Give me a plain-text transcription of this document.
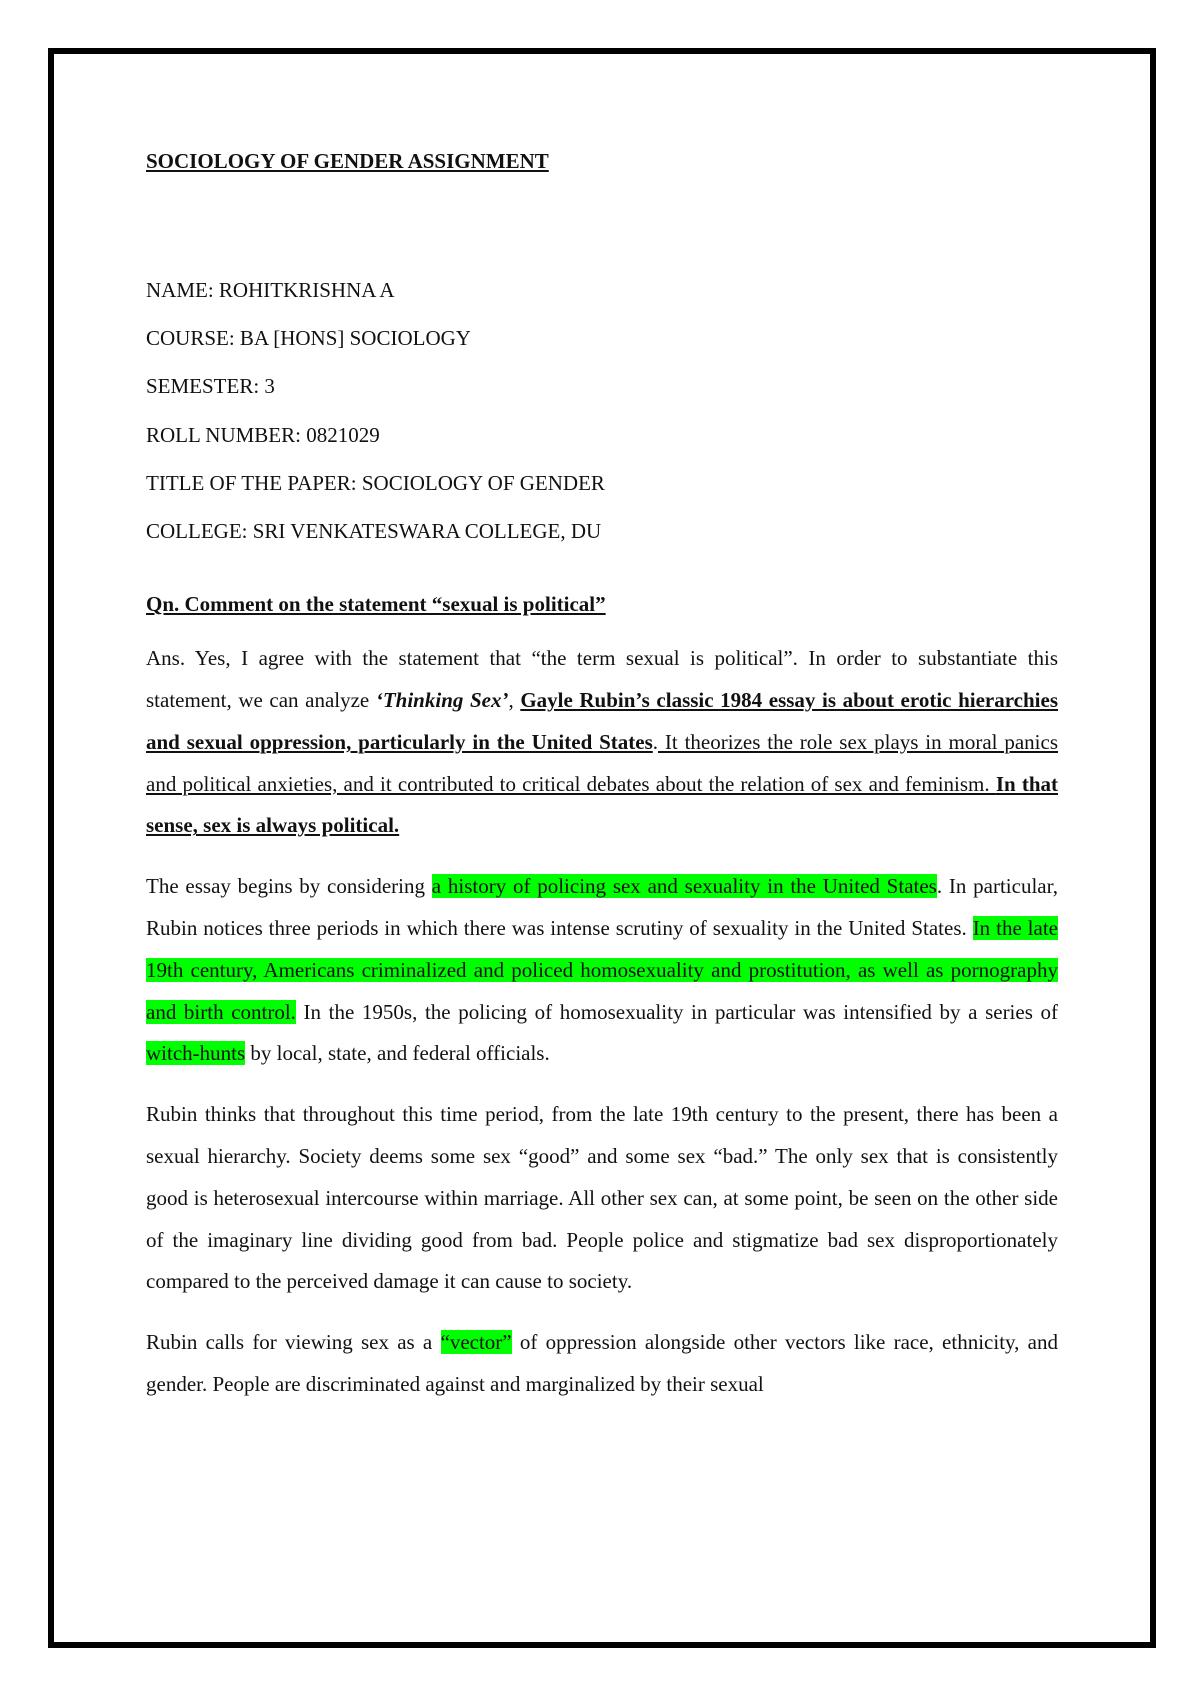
SOCIOLOGY OF GENDER ASSIGNMENT

NAME: ROHITKRISHNA A

COURSE: BA [HONS] SOCIOLOGY

SEMESTER: 3

ROLL NUMBER: 0821029

TITLE OF THE PAPER: SOCIOLOGY OF GENDER

COLLEGE: SRI VENKATESWARA COLLEGE, DU

Qn. Comment on the statement “sexual is political”

Ans. Yes, I agree with the statement that “the term sexual is political”. In order to substantiate this statement, we can analyze ‘Thinking Sex’, Gayle Rubin’s classic 1984 essay is about erotic hierarchies and sexual oppression, particularly in the United States. It theorizes the role sex plays in moral panics and political anxieties, and it contributed to critical debates about the relation of sex and feminism. In that sense, sex is always political.

The essay begins by considering a history of policing sex and sexuality in the United States. In particular, Rubin notices three periods in which there was intense scrutiny of sexuality in the United States. In the late 19th century, Americans criminalized and policed homosexuality and prostitution, as well as pornography and birth control. In the 1950s, the policing of homosexuality in particular was intensified by a series of witch-hunts by local, state, and federal officials.

Rubin thinks that throughout this time period, from the late 19th century to the present, there has been a sexual hierarchy. Society deems some sex “good” and some sex “bad.” The only sex that is consistently good is heterosexual intercourse within marriage. All other sex can, at some point, be seen on the other side of the imaginary line dividing good from bad. People police and stigmatize bad sex disproportionately compared to the perceived damage it can cause to society.

Rubin calls for viewing sex as a “vector” of oppression alongside other vectors like race, ethnicity, and gender. People are discriminated against and marginalized by their sexual
